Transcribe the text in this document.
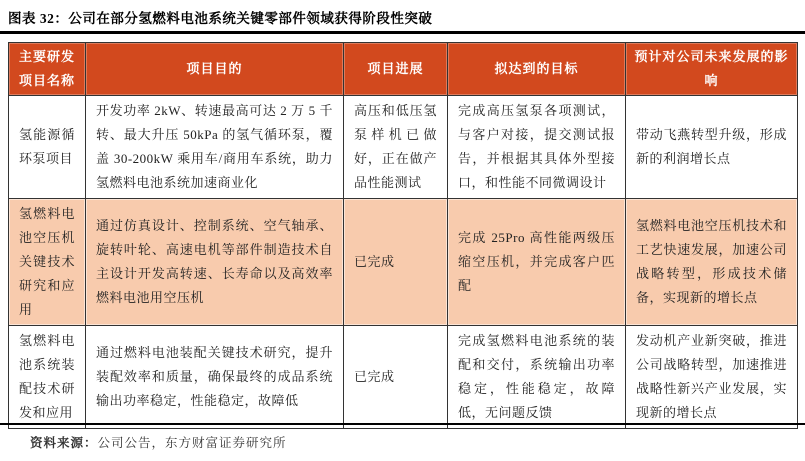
图表 32：公司在部分氢燃料电池系统关键零部件领域获得阶段性突破
主要研发项目名称	项目目的	项目进展	拟达到的目标	预计对公司未来发展的影响
氢能源循环泵项目	开发功率 2kW、转速最高可达 2 万 5 千转、最大升压 50kPa 的氢气循环泵，覆盖 30-200kW 乘用车/商用车系统，助力氢燃料电池系统加速商业化	高压和低压氢泵样机已做好，正在做产品性能测试	完成高压氢泵各项测试，与客户对接，提交测试报告，并根据其具体外型接口，和性能不同微调设计	带动飞燕转型升级，形成新的利润增长点
氢燃料电池空压机关键技术研究和应用	通过仿真设计、控制系统、空气轴承、旋转叶轮、高速电机等部件制造技术自主设计开发高转速、长寿命以及高效率燃料电池用空压机	已完成	完成 25Pro 高性能两级压缩空压机，并完成客户匹配	氢燃料电池空压机技术和工艺快速发展，加速公司战略转型，形成技术储备，实现新的增长点
氢燃料电池系统装配技术研发和应用	通过燃料电池装配关键技术研究，提升装配效率和质量，确保最终的成品系统输出功率稳定，性能稳定，故障低	已完成	完成氢燃料电池系统的装配和交付，系统输出功率稳定，性能稳定，故障低，无问题反馈	发动机产业新突破，推进公司战略转型，加速推进战略性新兴产业发展，实现新的增长点
资料来源：公司公告，东方财富证券研究所
